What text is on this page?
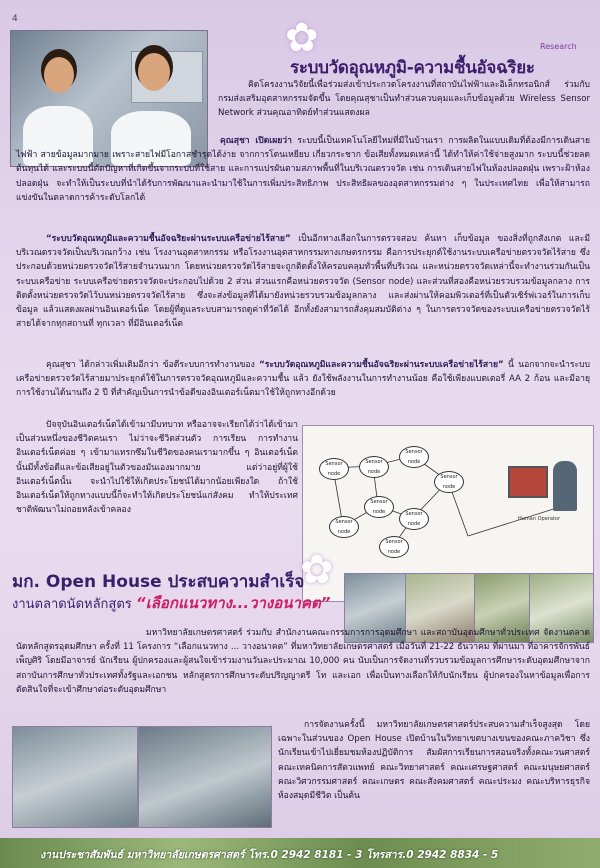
4	✿	Research
ระบบวัดอุณหภูมิ-ความชื้นอัจฉริยะ
คิดโครงงานวิจัยนี้เพื่อร่วมส่งเข้าประกวดโครงงานที่สถาบันไฟฟ้าและอิเล็กทรอนิกส์ ร่วมกับกรมส่งเสริมอุตสาหกรรมจัดขึ้น โดยคุณสุชาเป็นทำส่วนควบคุมและเก็บข้อมูลด้วย Wireless Sensor Network ส่วนคุณอาทิตย์ทำส่วนแสดงผล
คุณสุชา เปิดเผยว่า ระบบนี้เป็นเทคโนโลยีใหม่ที่มีในบ้านเรา การผลิตในแบบเดิมที่ต้องมีการเดินสายไฟฟ้า สายข้อมูลมากมาย เพราะสายไฟมีโอกาสชำรุดได้ง่าย จากการโดนเหยียบ เกี่ยวกระชาก ข้อเสียทั้งหมดเหล่านี้ ได้ทำให้ค่าใช้จ่ายสูงมาก ระบบนี้ช่วยลดต้นทุนได้ และระบบนี้ตัดปัญหาที่เกิดขึ้นจากระบบที่ใช้สาย และการแปรผันตามสภาพพื้นที่ในบริเวณตรวจวัด เช่น การเดินสายไฟในห้องปลอดฝุ่น เพราะฝ้าห้องปลอดฝุ่น จะทำให้เป็นระบบที่นำได้รับการพัฒนาและนำมาใช้ในการเพิ่มประสิทธิภาพ ประสิทธิผลของอุตสาหกรรมต่าง ๆ ในประเทศไทย เพื่อให้สามารถแข่งขันในตลาดการค้าระดับโลกได้
“ระบบวัดอุณหภูมิและความชื้นอัจฉริยะผ่านระบบเครือข่ายไร้สาย” เป็นอีกทางเลือกในการตรวจสอบ ค้นหา เก็บข้อมูล ของสิ่งที่ถูกสังเกต และมีบริเวณตรวจวัดเป็นบริเวณกว้าง เช่น โรงงานอุตสาหกรรม หรือโรงงานอุตสาหกรรมทางเกษตรกรรม คือการประยุกต์ใช้งานระบบเครือข่ายตรวจวัดไร้สาย ซึ่งประกอบด้วยหน่วยตรวจวัดไร้สายจำนวนมาก โดยหน่วยตรวจวัดไร้สายจะถูกติดตั้งให้ครอบคลุมทั่วพื้นที่บริเวณ และหน่วยตรวจวัดเหล่านี้จะทำงานร่วมกันเป็นระบบเครือข่าย ระบบเครือข่ายตรวจวัดจะประกอบไปด้วย 2 ส่วน ส่วนแรกคือหน่วยตรวจวัด (Sensor node) และส่วนที่สองคือหน่วยรวบรวมข้อมูลกลาง การติดตั้งหน่วยตรวจวัดไว้บนหน่วยตรวจวัดไร้สาย ซึ่งจะส่งข้อมูลที่ได้มายังหน่วยรวบรวมข้อมูลกลาง และส่งผ่านให้คอมพิวเตอร์ที่เป็นตัวเซิร์ฟเวอร์ในการเก็บข้อมูล แล้วแสดงผลผ่านอินเตอร์เน็ต โดยผู้ที่ดูแลระบบสามารถดูค่าที่วัดได้ อีกทั้งยังสามารถสั่งคุมสมบัติต่าง ๆ ในการตรวจวัดของระบบเครือข่ายตรวจวัดไร้สายได้จากทุกสถานที่ ทุกเวลา ที่มีอินเตอร์เน็ต
คุณสุชา ได้กล่าวเพิ่มเติมอีกว่า ข้อดีระบบการทำงานของ “ระบบวัดอุณหภูมิและความชื้นอัจฉริยะผ่านระบบเครือข่ายไร้สาย” นี้ นอกจากจะนำระบบเครือข่ายตรวจวัดไร้สายมาประยุกต์ใช้ในการตรวจวัดอุณหภูมิและความชื้น แล้ว ยังใช้พลังงานในการทำงานน้อย คือใช้เพียงแบตเตอรี่ AA 2 ก้อน และมีอายุการใช้งานได้นานถึง 2 ปี ที่สำคัญเป็นการนำข้อดีของอินเตอร์เน็ตมาใช้ให้ถูกทางอีกด้วย
ปัจจุบันอินเตอร์เน็ตได้เข้ามามีบทบาท หรืออาจจะเรียกได้ว่าได้เข้ามาเป็นส่วนหนึ่งของชีวิตคนเรา ไม่ว่าจะชีวิตส่วนตัว การเรียน การทำงาน อินเตอร์เน็ตค่อย ๆ เข้ามาแทรกซึมในชีวิตของคนเรามากขึ้น ๆ อินเตอร์เน็ตนั้นมีทั้งข้อดีและข้อเสียอยู่ในตัวของมันเองมากมาย แต่ว่าอยู่ที่ผู้ใช้อินเตอร์เน็ตนั้น จะนำไปใช้ให้เกิดประโยชน์ได้มากน้อยเพียงใด ถ้าใช้อินเตอร์เน็ตให้ถูกทางแบบนี้ก็จะทำให้เกิดประโยชน์แก่สังคม ทำให้ประเทศชาติพัฒนาไม่ถอยหลังเข้าคลอง
Sensor node
Sensor node
Sensor node
Sensor node
Sensor node
Sensor node
Sensor node
Sensor node
Human Operator
✿
มก. Open House ประสบความสำเร็จ
งานตลาดนัดหลักสูตร “เลือกแนวทาง...วางอนาคต”
มหาวิทยาลัยเกษตรศาสตร์ ร่วมกับ สำนักงานคณะกรรมการการอุดมศึกษา และสถาบันอุดมศึกษาทั่วประเทศ จัดงานตลาดนัดหลักสูตรอุดมศึกษา ครั้งที่ 11 โครงการ “เลือกแนวทาง ... วางอนาคต” ที่มหาวิทยาลัยเกษตรศาสตร์ เมื่อวันที่ 21-22 ธันวาคม ที่ผ่านมา ที่อาคารจักรพันธ์เพ็ญศิริ โดยมีอาจารย์ นักเรียน ผู้ปกครองและผู้สนใจเข้าร่วมงานวันละประมาณ 10,000 คน นับเป็นการจัดงานที่รวบรวมข้อมูลการศึกษาระดับอุดมศึกษาจากสถาบันการศึกษาทั่วประเทศทั้งรัฐและเอกชน หลักสูตรการศึกษาระดับปริญญาตรี โท และเอก เพื่อเป็นทางเลือกให้กับนักเรียน ผู้ปกครองในหาข้อมูลเพื่อการตัดสินใจที่จะเข้าศึกษาต่อระดับอุดมศึกษา
การจัดงานครั้งนี้ มหาวิทยาลัยเกษตรศาสตร์ประสบความสำเร็จสูงสุด โดยเฉพาะในส่วนของ Open House เปิดบ้านในวิทยาเขตบางเขนของคณะภาควิชา ซึ่งนักเรียนเข้าไปเยี่ยมชมห้องปฏิบัติการ สัมผัสการเรียนการสอนจริงทั้งคณะวนศาสตร์ คณะเทคนิคการสัตวแพทย์ คณะวิทยาศาสตร์ คณะเศรษฐศาสตร์ คณะมนุษยศาสตร์ คณะวิศวกรรมศาสตร์ คณะเกษตร คณะสังคมศาสตร์ คณะประมง คณะบริหารธุรกิจ ห้องสมุดมีชีวิต เป็นต้น
งานประชาสัมพันธ์ มหาวิทยาลัยเกษตรศาสตร์ โทร.0 2942 8181 - 3 โทรสาร.0 2942 8834 - 5
